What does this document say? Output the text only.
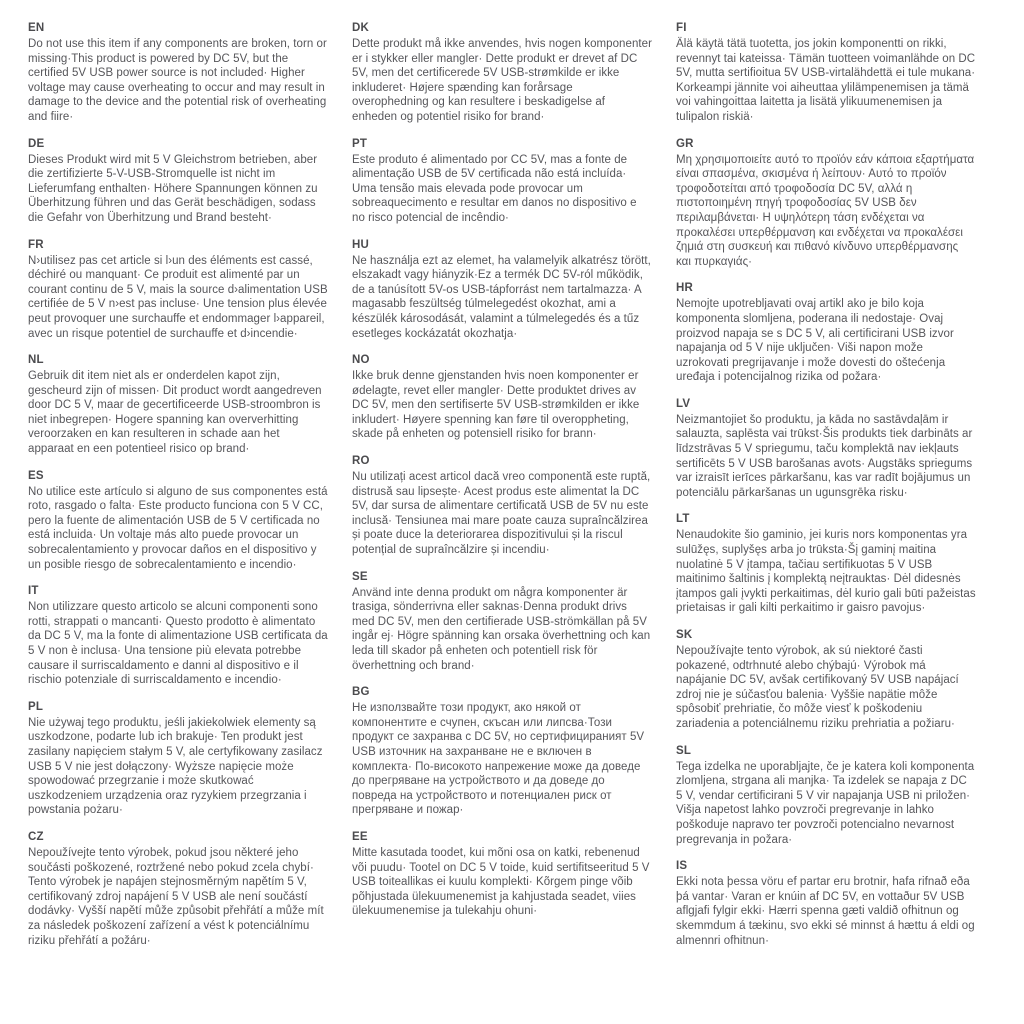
EN

Do not use this item if any components are broken, torn or missing·This product is powered by DC 5V, but the certified 5V USB power source is not included· Higher voltage may cause overheating to occur and may result in damage to the device and the potential risk of overheating and fiire·

DE

Dieses Produkt wird mit 5 V Gleichstrom betrieben, aber die zertifizierte 5-V-USB-Stromquelle ist nicht im Lieferumfang enthalten· Höhere Spannungen können zu Überhitzung führen und das Gerät beschädigen, sodass die Gefahr von Überhitzung und Brand besteht·

FR

N›utilisez pas cet article si l›un des éléments est cassé, déchiré ou manquant· Ce produit est alimenté par un courant continu de 5 V, mais la source d›alimentation USB certifiée de 5 V n›est pas incluse· Une tension plus élevée peut provoquer une surchauffe et endommager l›appareil, avec un risque potentiel de surchauffe et d›incendie·

NL

Gebruik dit item niet als er onderdelen kapot zijn, gescheurd zijn of missen· Dit product wordt aangedreven door DC 5 V, maar de gecertificeerde USB-stroombron is niet inbegrepen· Hogere spanning kan oververhitting veroorzaken en kan resulteren in schade aan het apparaat en een potentieel risico op brand·

ES

No utilice este artículo si alguno de sus componentes está roto, rasgado o falta· Este producto funciona con 5 V CC, pero la fuente de alimentación USB de 5 V certificada no está incluida· Un voltaje más alto puede provocar un sobrecalentamiento y provocar daños en el dispositivo y un posible riesgo de sobrecalentamiento e incendio·

IT

Non utilizzare questo articolo se alcuni componenti sono rotti, strappati o mancanti· Questo prodotto è alimentato da DC 5 V, ma la fonte di alimentazione USB certificata da 5 V non è inclusa· Una tensione più elevata potrebbe causare il surriscaldamento e danni al dispositivo e il rischio potenziale di surriscaldamento e incendio·

PL

Nie używaj tego produktu, jeśli jakiekolwiek elementy są uszkodzone, podarte lub ich brakuje· Ten produkt jest zasilany napięciem stałym 5 V, ale certyfikowany zasilacz USB 5 V nie jest dołączony· Wyższe napięcie może spowodować przegrzanie i może skutkować uszkodzeniem urządzenia oraz ryzykiem przegrzania i powstania pożaru·

CZ

Nepoužívejte tento výrobek, pokud jsou některé jeho součásti poškozené, roztržené nebo pokud zcela chybí· Tento výrobek je napájen stejnosměrným napětím 5 V, certifikovaný zdroj napájení 5 V USB ale není součástí dodávky· Vyšší napětí může způsobit přehřátí a může mít za následek poškození zařízení a vést k potenciálnímu riziku přehřátí a požáru·

DK

Dette produkt må ikke anvendes, hvis nogen komponenter er i stykker eller mangler· Dette produkt er drevet af DC 5V, men det certificerede 5V USB-strømkilde er ikke inkluderet· Højere spænding kan forårsage overophedning og kan resultere i beskadigelse af enheden og potentiel risiko for brand·

PT

Este produto é alimentado por CC 5V, mas a fonte de alimentação USB de 5V certificada não está incluída· Uma tensão mais elevada pode provocar um sobreaquecimento e resultar em danos no dispositivo e no risco potencial de incêndio·

HU

Ne használja ezt az elemet, ha valamelyik alkatrész törött, elszakadt vagy hiányzik·Ez a termék DC 5V-ról működik, de a tanúsított 5V-os USB-tápforrást nem tartalmazza· A magasabb feszültség túlmelegedést okozhat, ami a készülék károsodását, valamint a túlmelegedés és a tűz esetleges kockázatát okozhatja·

NO

Ikke bruk denne gjenstanden hvis noen komponenter er ødelagte, revet eller mangler· Dette produktet drives av DC 5V, men den sertifiserte 5V USB-strømkilden er ikke inkludert· Høyere spenning kan føre til overoppheting, skade på enheten og potensiell risiko for brann·

RO

Nu utilizați acest articol dacă vreo componentă este ruptă, distrusă sau lipsește· Acest produs este alimentat la DC 5V, dar sursa de alimentare certificată USB de 5V nu este inclusă· Tensiunea mai mare poate cauza supraîncălzirea și poate duce la deteriorarea dispozitivului și la riscul potențial de supraîncălzire și incendiu·

SE

Använd inte denna produkt om några komponenter är trasiga, sönderrivna eller saknas·Denna produkt drivs med DC 5V, men den certifierade USB-strömkällan på 5V ingår ej· Högre spänning kan orsaka överhettning och kan leda till skador på enheten och potentiell risk för överhettning och brand·

BG

Не използвайте този продукт, ако някой от компонентите е счупен, скъсан или липсва·Този продукт се захранва с DC 5V, но сертифицираният 5V USB източник на захранване не е включен в комплекта· По-високото напрежение може да доведе до прегряване на устройството и да доведе до повреда на устройството и потенциален риск от прегряване и пожар·

EE

Mitte kasutada toodet, kui mõni osa on katki, rebenenud või puudu· Tootel on DC 5 V toide, kuid sertifitseeritud 5 V USB toiteallikas ei kuulu komplekti· Kõrgem pinge võib põhjustada ülekuumenemist ja kahjustada seadet, viies ülekuumenemise ja tulekahju ohuni·

FI

Älä käytä tätä tuotetta, jos jokin komponentti on rikki, revennyt tai kateissa· Tämän tuotteen voimanlähde on DC 5V, mutta sertifioitua 5V USB-virtalähdettä ei tule mukana· Korkeampi jännite voi aiheuttaa ylilämpenemisen ja tämä voi vahingoittaa laitetta ja lisätä ylikuumenemisen ja tulipalon riskiä·

GR

Μη χρησιμοποιείτε αυτό το προϊόν εάν κάποια εξαρτήματα είναι σπασμένα, σκισμένα ή λείπουν· Αυτό το προϊόν τροφοδοτείται από τροφοδοσία DC 5V, αλλά η πιστοποιημένη πηγή τροφοδοσίας 5V USB δεν περιλαμβάνεται· Η υψηλότερη τάση ενδέχεται να προκαλέσει υπερθέρμανση και ενδέχεται να προκαλέσει ζημιά στη συσκευή και πιθανό κίνδυνο υπερθέρμανσης και πυρκαγιάς·

HR

Nemojte upotrebljavati ovaj artikl ako je bilo koja komponenta slomljena, poderana ili nedostaje· Ovaj proizvod napaja se s DC 5 V, ali certificirani USB izvor napajanja od 5 V nije uključen· Viši napon može uzrokovati pregrijavanje i može dovesti do oštećenja uređaja i potencijalnog rizika od požara·

LV

Neizmantojiet šo produktu, ja kāda no sastāvdaļām ir salauzta, saplēsta vai trūkst·Šis produkts tiek darbināts ar līdzstrāvas 5 V spriegumu, taču komplektā nav iekļauts sertificēts 5 V USB barošanas avots· Augstāks spriegums var izraisīt ierīces pārkaršanu, kas var radīt bojājumus un potenciālu pārkaršanas un ugunsgrēka risku·

LT

Nenaudokite šio gaminio, jei kuris nors komponentas yra sulūžęs, suplyšęs arba jo trūksta·Šį gaminį maitina nuolatinė 5 V įtampa, tačiau sertifikuotas 5 V USB maitinimo šaltinis į komplektą neįtrauktas· Dėl didesnės įtampos gali įvykti perkaitimas, dėl kurio gali būti pažeistas prietaisas ir gali kilti perkaitimo ir gaisro pavojus·

SK

Nepoužívajte tento výrobok, ak sú niektoré časti pokazené, odtrhnuté alebo chýbajú· Výrobok má napájanie DC 5V, avšak certifikovaný 5V USB napájací zdroj nie je súčasťou balenia· Vyššie napätie môže spôsobiť prehriatie, čo môže viesť k poškodeniu zariadenia a potenciálnemu riziku prehriatia a požiaru·

SL

Tega izdelka ne uporabljajte, če je katera koli komponenta zlomljena, strgana ali manjka· Ta izdelek se napaja z DC 5 V, vendar certificirani 5 V vir napajanja USB ni priložen· Višja napetost lahko povzroči pregrevanje in lahko poškoduje napravo ter povzroči potencialno nevarnost pregrevanja in požara·

IS

Ekki nota þessa vöru ef partar eru brotnir, hafa rifnað eða þá vantar· Varan er knúin af DC 5V, en vottaður 5V USB aflgjafi fylgir ekki· Hærri spenna gæti valdið ofhitnun og skemmdum á tækinu, svo ekki sé minnst á hættu á eldi og almennri ofhitnun·
